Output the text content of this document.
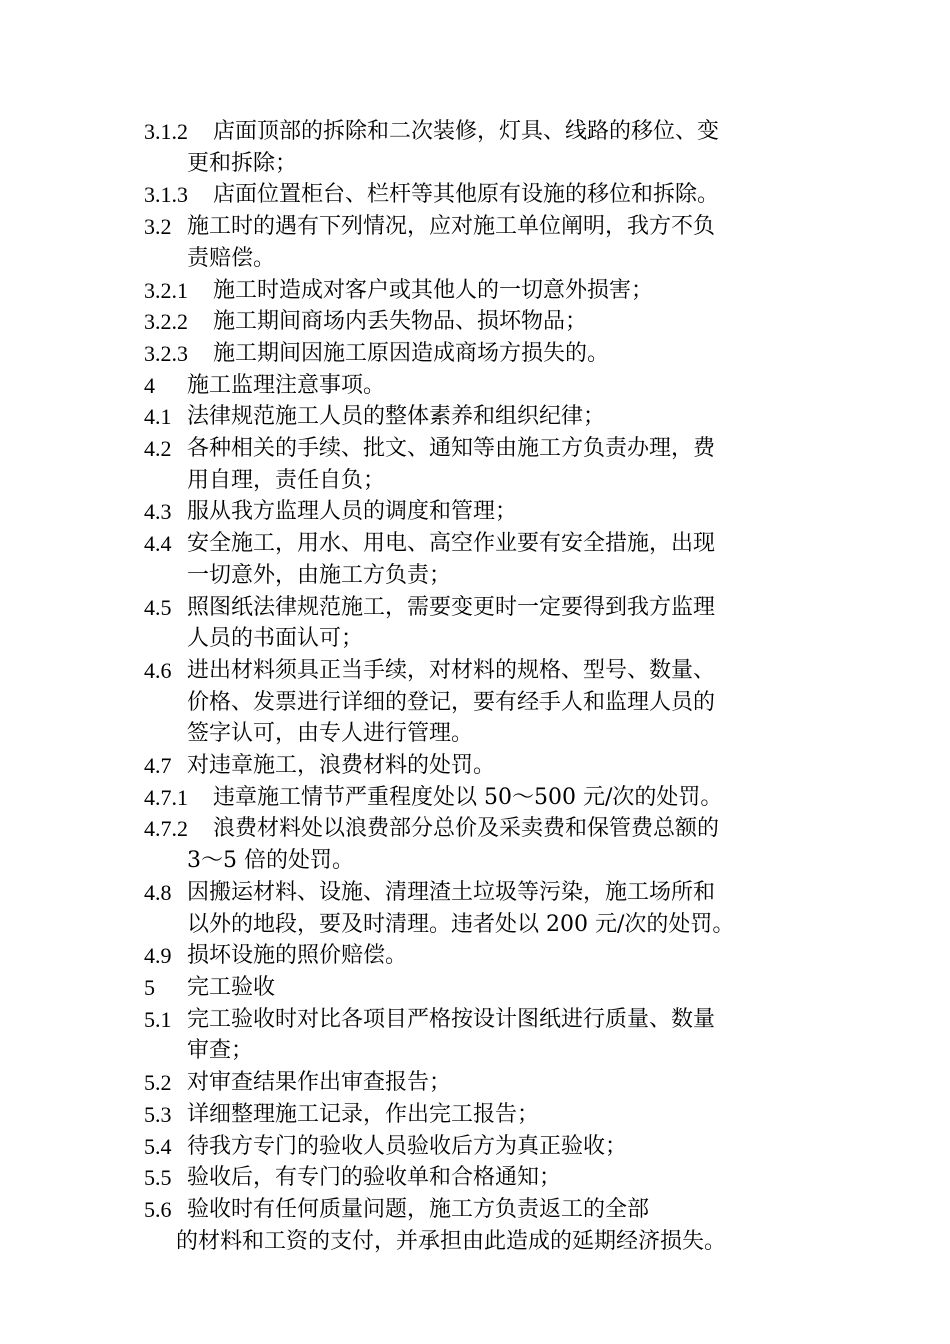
3.1.2	店面顶部的拆除和二次装修，灯具、线路的移位、变
更和拆除；
3.1.3	店面位置柜台、栏杆等其他原有设施的移位和拆除。
3.2 施工时的遇有下列情况，应对施工单位阐明，我方不负
责赔偿。
3.2.1	施工时造成对客户或其他人的一切意外损害；
3.2.2	施工期间商场内丢失物品、损坏物品；
3.2.3	施工期间因施工原因造成商场方损失的。
4	施工监理注意事项。
4.1 法律规范施工人员的整体素养和组织纪律；
4.2 各种相关的手续、批文、通知等由施工方负责办理，费
用自理，责任自负；
4.3 服从我方监理人员的调度和管理；
4.4 安全施工，用水、用电、高空作业要有安全措施，出现
一切意外，由施工方负责；
4.5 照图纸法律规范施工，需要变更时一定要得到我方监理
人员的书面认可；
4.6 进出材料须具正当手续，对材料的规格、型号、数量、
价格、发票进行详细的登记，要有经手人和监理人员的
签字认可，由专人进行管理。
4.7 对违章施工，浪费材料的处罚。
4.7.1	违章施工情节严重程度处以 50～500 元/次的处罚。
4.7.2	浪费材料处以浪费部分总价及采卖费和保管费总额的
3～5 倍的处罚。
4.8 因搬运材料、设施、清理渣土垃圾等污染，施工场所和
以外的地段，要及时清理。违者处以 200 元/次的处罚。
4.9 损坏设施的照价赔偿。
5	完工验收
5.1 完工验收时对比各项目严格按设计图纸进行质量、数量
审查；
5.2 对审查结果作出审查报告；
5.3 详细整理施工记录，作出完工报告；
5.4 待我方专门的验收人员验收后方为真正验收；
5.5 验收后，有专门的验收单和合格通知；
5.6 验收时有任何质量问题，施工方负责返工的全部
的材料和工资的支付，并承担由此造成的延期经济损失。
